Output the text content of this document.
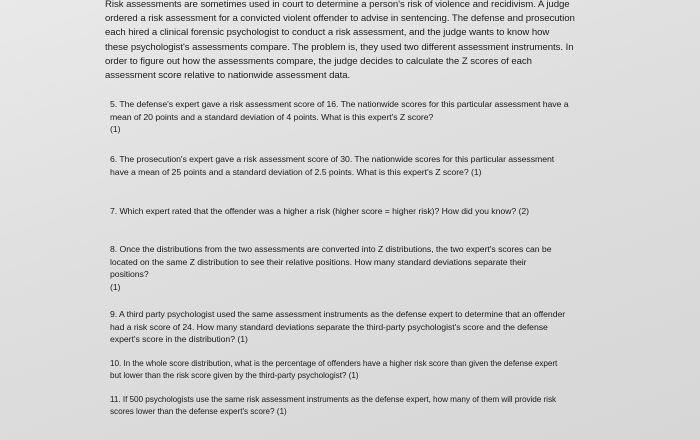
Risk assessments are sometimes used in court to determine a person's risk of violence and recidivism. A judge ordered a risk assessment for a convicted violent offender to advise in sentencing. The defense and prosecution each hired a clinical forensic psychologist to conduct a risk assessment, and the judge wants to know how these psychologist's assessments compare. The problem is, they used two different assessment instruments. In order to figure out how the assessments compare, the judge decides to calculate the Z scores of each assessment score relative to nationwide assessment data.
5. The defense's expert gave a risk assessment score of 16. The nationwide scores for this particular assessment have a mean of 20 points and a standard deviation of 4 points. What is this expert's Z score?
(1)
6. The prosecution's expert gave a risk assessment score of 30. The nationwide scores for this particular assessment have a mean of 25 points and a standard deviation of 2.5 points. What is this expert's Z score? (1)
7. Which expert rated that the offender was a higher a risk (higher score = higher risk)? How did you know? (2)
8. Once the distributions from the two assessments are converted into Z distributions, the two expert's scores can be located on the same Z distribution to see their relative positions. How many standard deviations separate their positions?
(1)
9. A third party psychologist used the same assessment instruments as the defense expert to determine that an offender had a risk score of 24. How many standard deviations separate the third-party psychologist's score and the defense expert's score in the distribution? (1)
10. In the whole score distribution, what is the percentage of offenders have a higher risk score than given the defense expert but lower than the risk score given by the third-party psychologist? (1)
11. If 500 psychologists use the same risk assessment instruments as the defense expert, how many of them will provide risk scores lower than the defense expert's score? (1)
